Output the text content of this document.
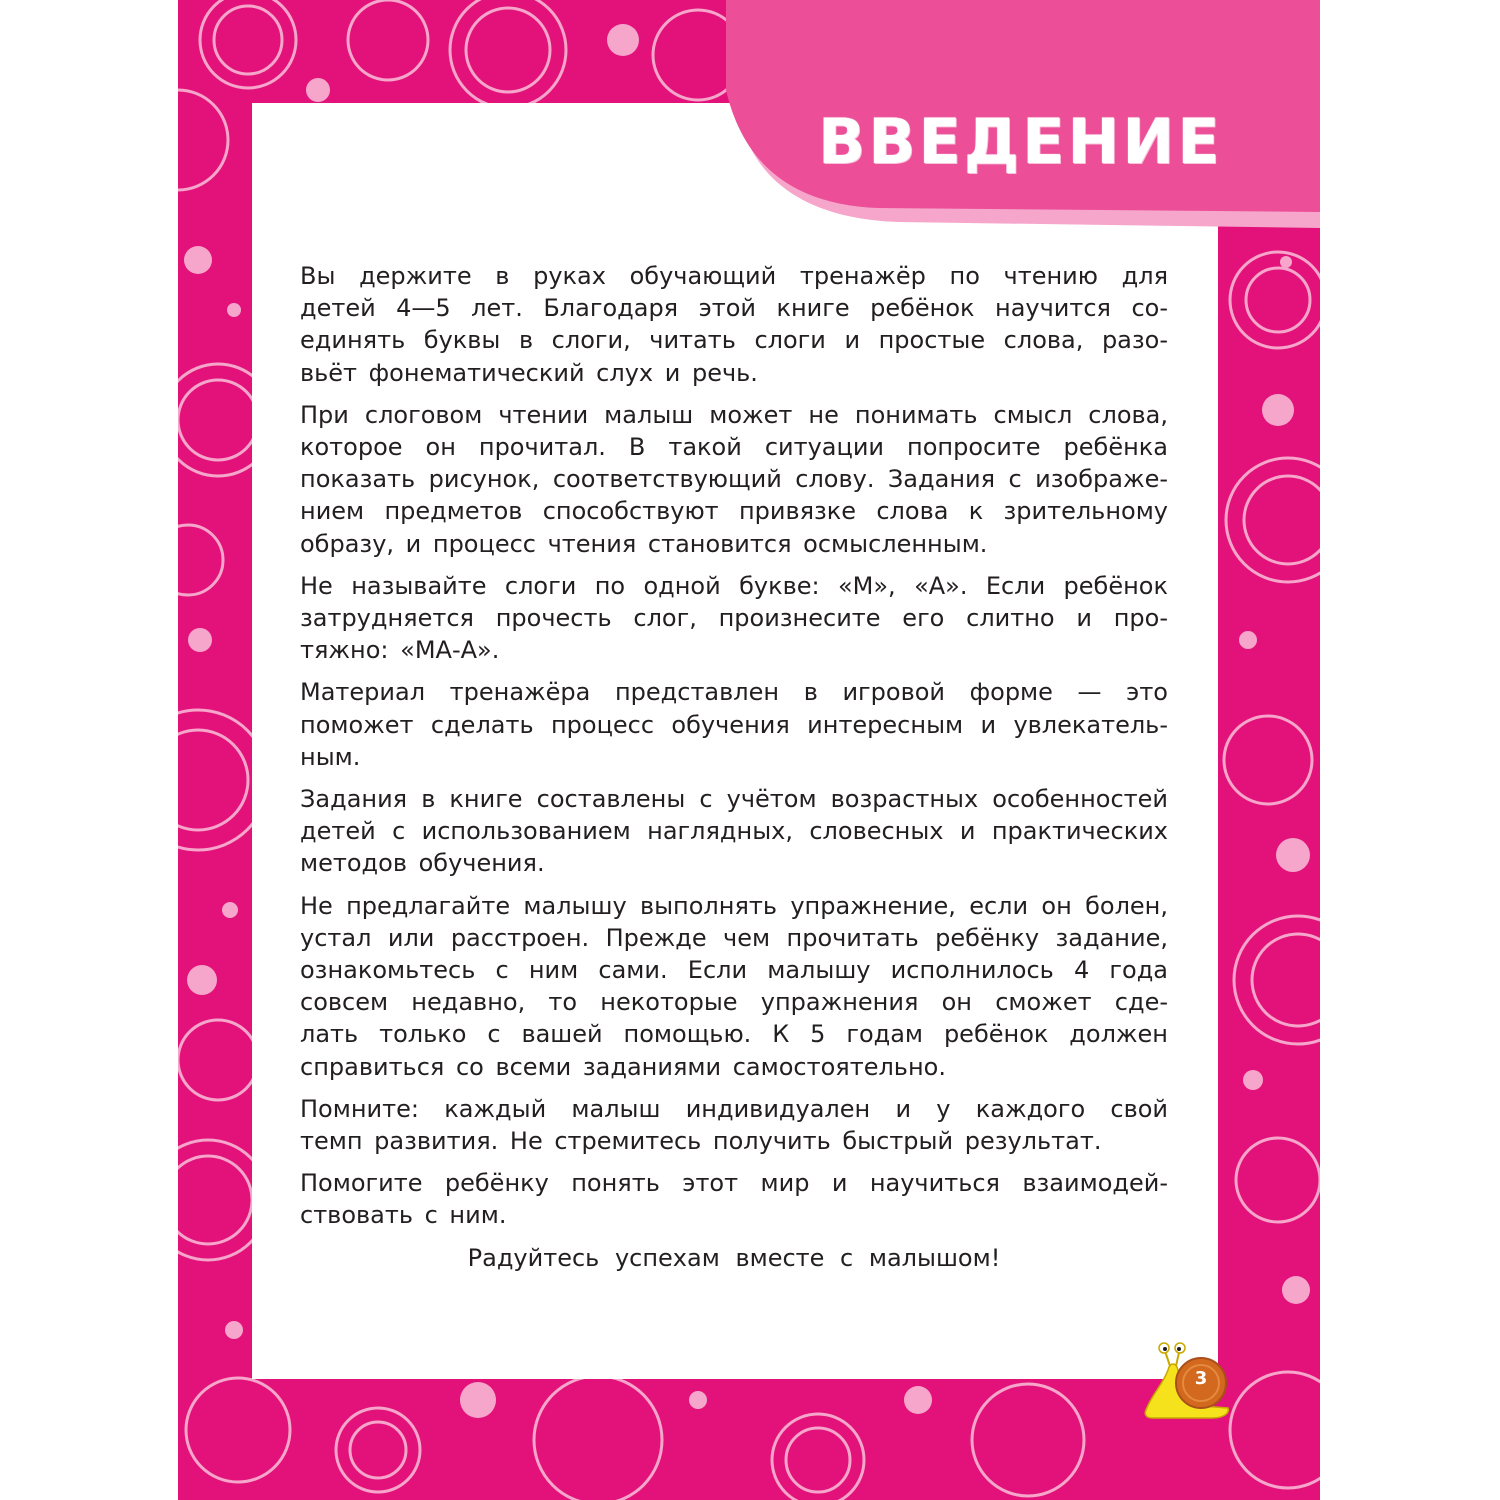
ВВЕДЕНИЕ

Вы держите в руках обучающий тренажёр по чтению для
детей 4—5 лет. Благодаря этой книге ребёнок научится со-
единять буквы в слоги, читать слоги и простые слова, разо-
вьёт фонематический слух и речь.

При слоговом чтении малыш может не понимать смысл слова,
которое он прочитал. В такой ситуации попросите ребёнка
показать рисунок, соответствующий слову. Задания с изображе-
нием предметов способствуют привязке слова к зрительному
образу, и процесс чтения становится осмысленным.

Не называйте слоги по одной букве: «М», «А». Если ребёнок
затрудняется прочесть слог, произнесите его слитно и про-
тяжно: «МА-А».

Материал тренажёра представлен в игровой форме — это
поможет сделать процесс обучения интересным и увлекатель-
ным.

Задания в книге составлены с учётом возрастных особенностей
детей с использованием наглядных, словесных и практических
методов обучения.

Не предлагайте малышу выполнять упражнение, если он болен,
устал или расстроен. Прежде чем прочитать ребёнку задание,
ознакомьтесь с ним сами. Если малышу исполнилось 4 года
совсем недавно, то некоторые упражнения он сможет сде-
лать только с вашей помощью. К 5 годам ребёнок должен
справиться со всеми заданиями самостоятельно.

Помните: каждый малыш индивидуален и у каждого свой
темп развития. Не стремитесь получить быстрый результат.

Помогите ребёнку понять этот мир и научиться взаимодей-
ствовать с ним.

Радуйтесь успехам вместе с малышом!
3
